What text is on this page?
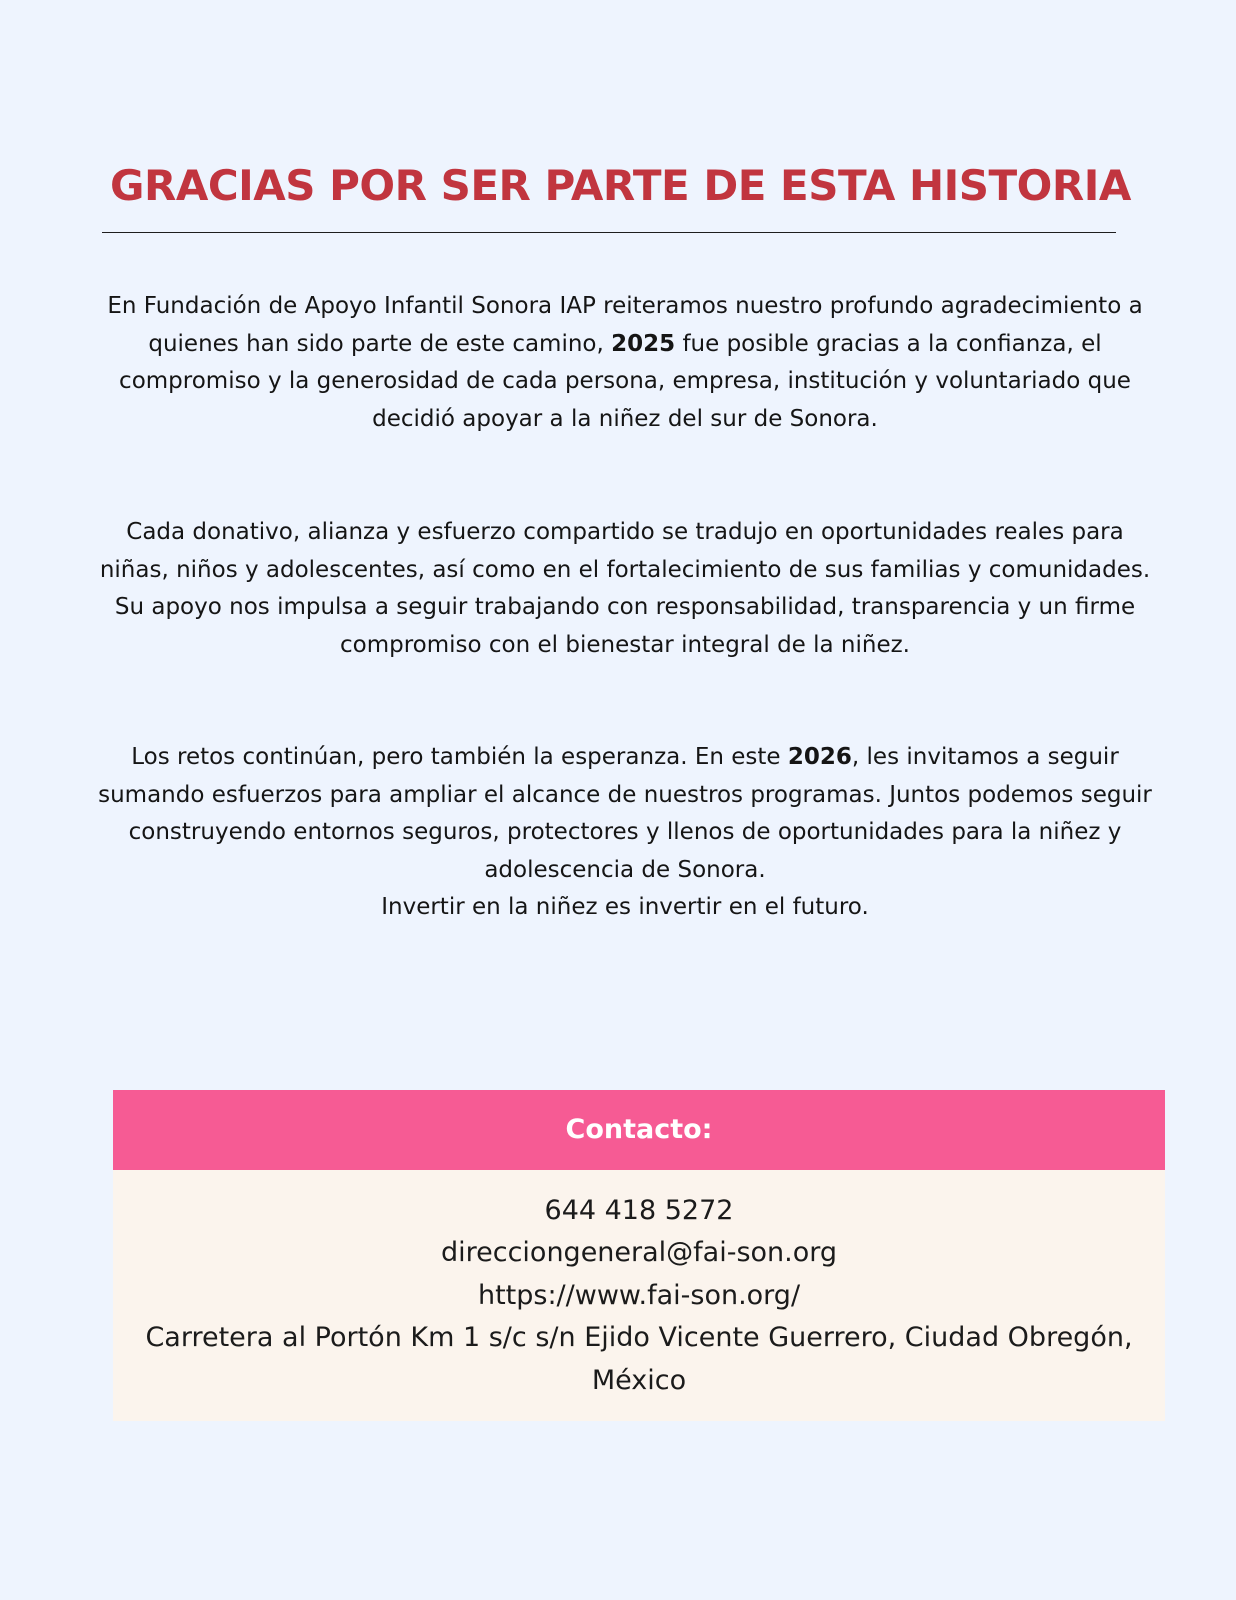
GRACIAS POR SER PARTE DE ESTA HISTORIA

En Fundación de Apoyo Infantil Sonora IAP reiteramos nuestro profundo agradecimiento a quienes han sido parte de este camino, 2025 fue posible gracias a la confianza, el compromiso y la generosidad de cada persona, empresa, institución y voluntariado que decidió apoyar a la niñez del sur de Sonora.

Cada donativo, alianza y esfuerzo compartido se tradujo en oportunidades reales para niñas, niños y adolescentes, así como en el fortalecimiento de sus familias y comunidades. Su apoyo nos impulsa a seguir trabajando con responsabilidad, transparencia y un firme compromiso con el bienestar integral de la niñez.

Los retos continúan, pero también la esperanza. En este 2026, les invitamos a seguir sumando esfuerzos para ampliar el alcance de nuestros programas. Juntos podemos seguir construyendo entornos seguros, protectores y llenos de oportunidades para la niñez y adolescencia de Sonora.

Invertir en la niñez es invertir en el futuro.

Contacto:
644 418 5272
direcciongeneral@fai-son.org
https://www.fai-son.org/
Carretera al Portón Km 1 s/c s/n Ejido Vicente Guerrero, Ciudad Obregón, México
